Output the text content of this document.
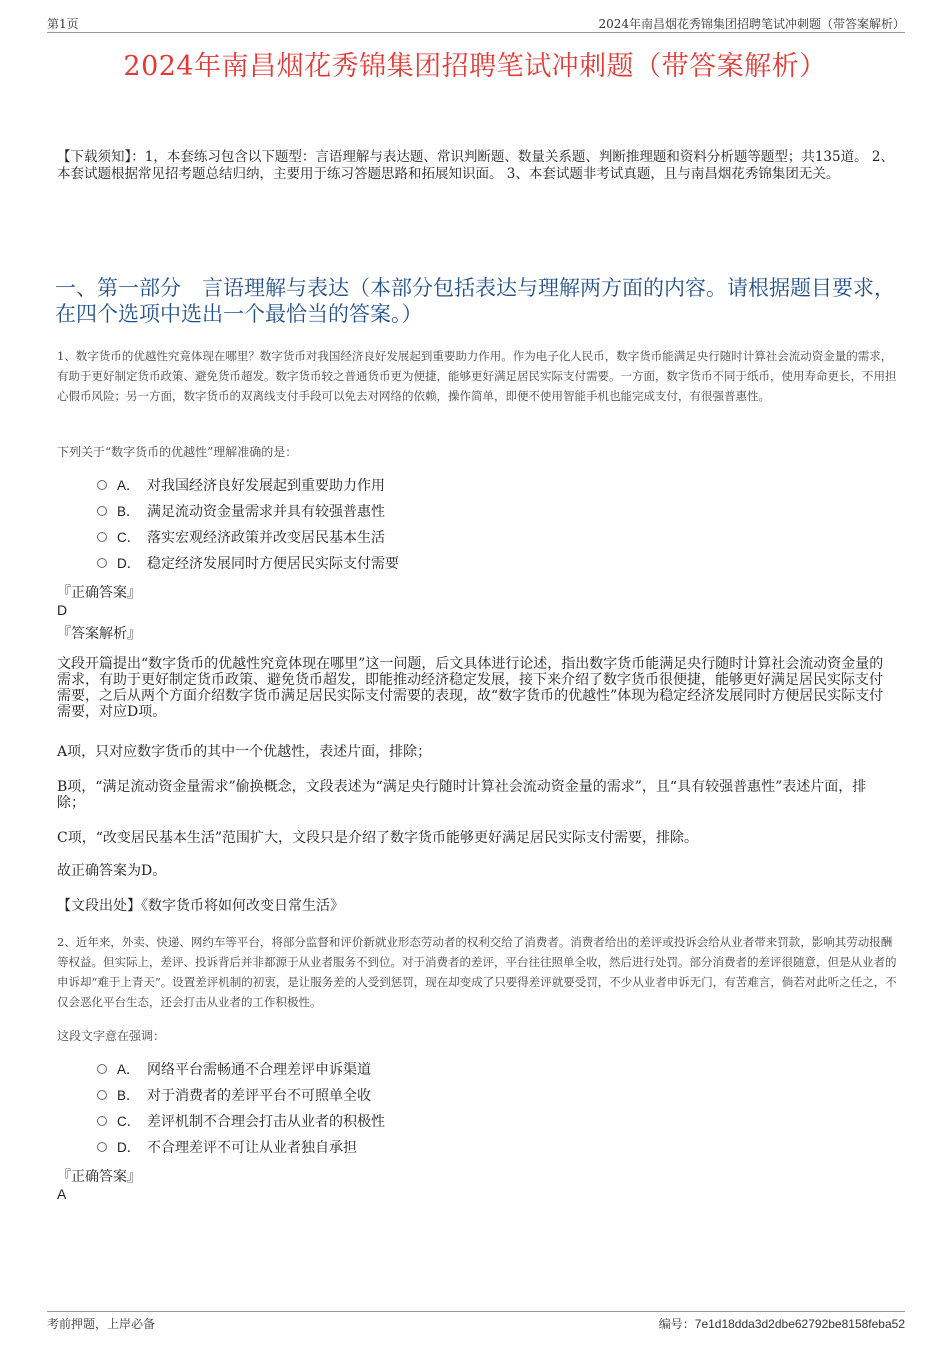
第1页	2024年南昌烟花秀锦集团招聘笔试冲刺题（带答案解析）
2024年南昌烟花秀锦集团招聘笔试冲刺题（带答案解析）
【下载须知】：1，本套练习包含以下题型：言语理解与表达题、常识判断题、数量关系题、判断推理题和资料分析题等题型；共135道。 2、本套试题根据常见招考题总结归纳，主要用于练习答题思路和拓展知识面。 3、本套试题非考试真题，且与南昌烟花秀锦集团无关。
一、第一部分　言语理解与表达（本部分包括表达与理解两方面的内容。请根据题目要求，在四个选项中选出一个最恰当的答案。）
1、数字货币的优越性究竟体现在哪里？数字货币对我国经济良好发展起到重要助力作用。作为电子化人民币，数字货币能满足央行随时计算社会流动资金量的需求，有助于更好制定货币政策、避免货币超发。数字货币较之普通货币更为便捷，能够更好满足居民实际支付需要。一方面，数字货币不同于纸币，使用寿命更长，不用担心假币风险；另一方面，数字货币的双离线支付手段可以免去对网络的依赖，操作简单，即便不使用智能手机也能完成支付，有很强普惠性。
下列关于“数字货币的优越性”理解准确的是：
A． 对我国经济良好发展起到重要助力作用
B． 满足流动资金量需求并具有较强普惠性
C． 落实宏观经济政策并改变居民基本生活
D． 稳定经济发展同时方便居民实际支付需要
『正确答案』
D
『答案解析』
文段开篇提出“数字货币的优越性究竟体现在哪里”这一问题，后文具体进行论述，指出数字货币能满足央行随时计算社会流动资金量的需求，有助于更好制定货币政策、避免货币超发，即能推动经济稳定发展，接下来介绍了数字货币很便捷，能够更好满足居民实际支付需要，之后从两个方面介绍数字货币满足居民实际支付需要的表现，故“数字货币的优越性”体现为稳定经济发展同时方便居民实际支付需要，对应D项。
A项，只对应数字货币的其中一个优越性，表述片面，排除；
B项，“满足流动资金量需求”偷换概念，文段表述为“满足央行随时计算社会流动资金量的需求”，且“具有较强普惠性”表述片面，排除；
C项，“改变居民基本生活”范围扩大，文段只是介绍了数字货币能够更好满足居民实际支付需要，排除。
故正确答案为D。
【文段出处】《数字货币将如何改变日常生活》
2、近年来，外卖、快递、网约车等平台，将部分监督和评价新就业形态劳动者的权利交给了消费者。消费者给出的差评或投诉会给从业者带来罚款，影响其劳动报酬等权益。但实际上，差评、投诉背后并非都源于从业者服务不到位。对于消费者的差评，平台往往照单全收，然后进行处罚。部分消费者的差评很随意，但是从业者的申诉却“难于上青天”。设置差评机制的初衷，是让服务差的人受到惩罚，现在却变成了只要得差评就要受罚，不少从业者申诉无门，有苦难言，倘若对此听之任之，不仅会恶化平台生态，还会打击从业者的工作积极性。
这段文字意在强调：
A． 网络平台需畅通不合理差评申诉渠道
B． 对于消费者的差评平台不可照单全收
C． 差评机制不合理会打击从业者的积极性
D． 不合理差评不可让从业者独自承担
『正确答案』
A
考前押题，上岸必备	编号：7e1d18dda3d2dbe62792be8158feba52
